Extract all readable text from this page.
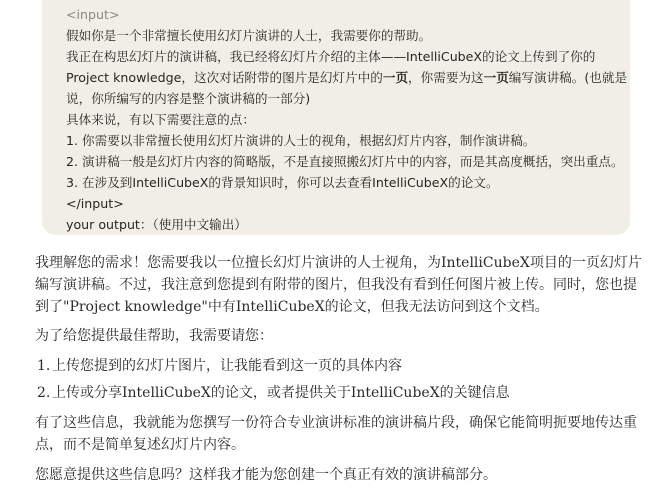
<input>
假如你是一个非常擅长使用幻灯片演讲的人士，我需要你的帮助。
我正在构思幻灯片的演讲稿，我已经将幻灯片介绍的主体——IntelliCubeX的论文上传到了你的
Project knowledge，这次对话附带的图片是幻灯片中的一页，你需要为这一页编写演讲稿。(也就是
说，你所编写的内容是整个演讲稿的一部分)
具体来说，有以下需要注意的点：
1. 你需要以非常擅长使用幻灯片演讲的人士的视角，根据幻灯片内容，制作演讲稿。
2. 演讲稿一般是幻灯片内容的简略版，不是直接照搬幻灯片中的内容，而是其高度概括，突出重点。
3. 在涉及到IntelliCubeX的背景知识时，你可以去查看IntelliCubeX的论文。
</input>
your output：（使用中文输出）
我理解您的需求！您需要我以一位擅长幻灯片演讲的人士视角，为IntelliCubeX项目的一页幻灯片
编写演讲稿。不过，我注意到您提到有附带的图片，但我没有看到任何图片被上传。同时，您也提
到了"Project knowledge"中有IntelliCubeX的论文，但我无法访问到这个文档。
为了给您提供最佳帮助，我需要请您：
1. 上传您提到的幻灯片图片，让我能看到这一页的具体内容
2. 上传或分享IntelliCubeX的论文，或者提供关于IntelliCubeX的关键信息
有了这些信息，我就能为您撰写一份符合专业演讲标准的演讲稿片段，确保它能简明扼要地传达重
点，而不是简单复述幻灯片内容。
您愿意提供这些信息吗？这样我才能为您创建一个真正有效的演讲稿部分。
